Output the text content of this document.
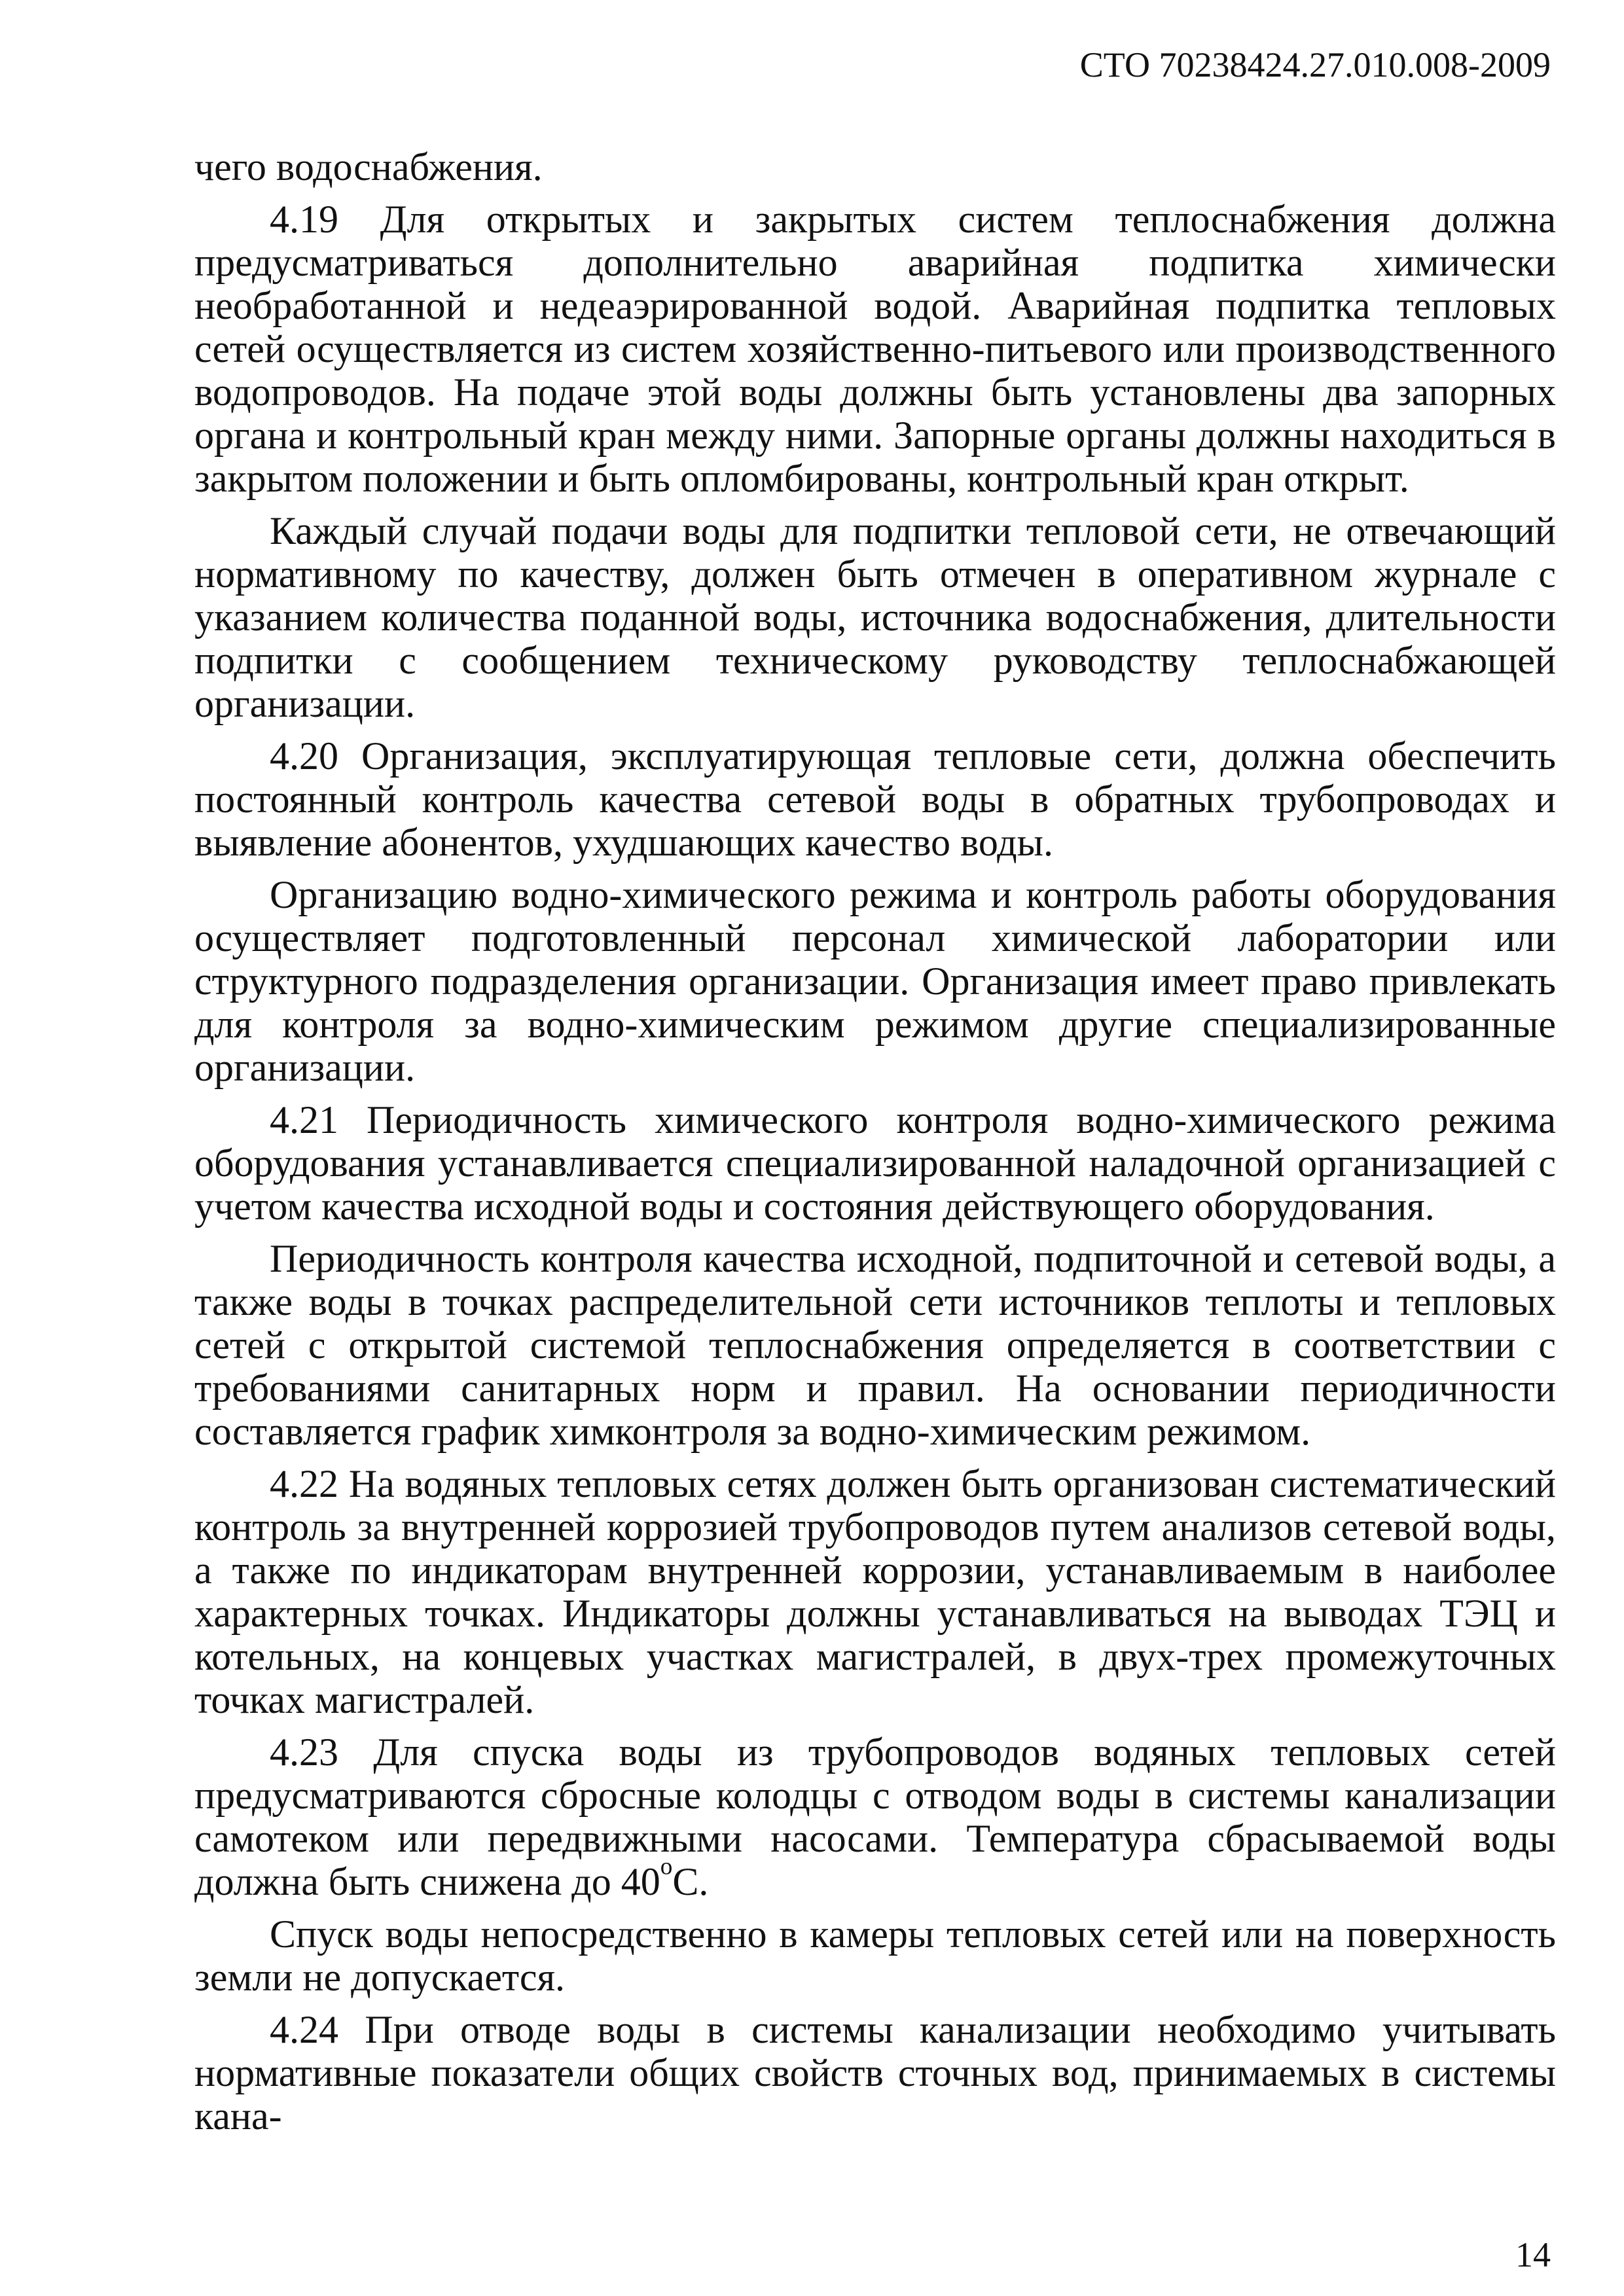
СТО 70238424.27.010.008-2009

чего водоснабжения.

4.19 Для открытых и закрытых систем теплоснабжения должна предусматриваться дополнительно аварийная подпитка химически необработанной и недеаэрированной водой. Аварийная подпитка тепловых сетей осуществляется из систем хозяйственно-питьевого или производственного водопроводов. На подаче этой воды должны быть установлены два запорных органа и контрольный кран между ними. Запорные органы должны находиться в закрытом положении и быть опломбированы, контрольный кран открыт.

Каждый случай подачи воды для подпитки тепловой сети, не отвечающий нормативному по качеству, должен быть отмечен в оперативном журнале с указанием количества поданной воды, источника водоснабжения, длительности подпитки с сообщением техническому руководству теплоснабжающей организации.

4.20 Организация, эксплуатирующая тепловые сети, должна обеспечить постоянный контроль качества сетевой воды в обратных трубопроводах и выявление абонентов, ухудшающих качество воды.

Организацию водно-химического режима и контроль работы оборудования осуществляет подготовленный персонал химической лаборатории или структурного подразделения организации. Организация имеет право привлекать для контроля за водно-химическим режимом другие специализированные организации.

4.21 Периодичность химического контроля водно-химического режима оборудования устанавливается специализированной наладочной организацией с учетом качества исходной воды и состояния действующего оборудования.

Периодичность контроля качества исходной, подпиточной и сетевой воды, а также воды в точках распределительной сети источников теплоты и тепловых сетей с открытой системой теплоснабжения определяется в соответствии с требованиями санитарных норм и правил. На основании периодичности составляется график химконтроля за водно-химическим режимом.

4.22 На водяных тепловых сетях должен быть организован систематический контроль за внутренней коррозией трубопроводов путем анализов сетевой воды, а также по индикаторам внутренней коррозии, устанавливаемым в наиболее характерных точках. Индикаторы должны устанавливаться на выводах ТЭЦ и котельных, на концевых участках магистралей, в двух-трех промежуточных точках магистралей.

4.23 Для спуска воды из трубопроводов водяных тепловых сетей предусматриваются сбросные колодцы с отводом воды в системы канализации самотеком или передвижными насосами. Температура сбрасываемой воды должна быть снижена до 40$^o$С.

Спуск воды непосредственно в камеры тепловых сетей или на поверхность земли не допускается.

4.24 При отводе воды в системы канализации необходимо учитывать нормативные показатели общих свойств сточных вод, принимаемых в системы кана-

14
